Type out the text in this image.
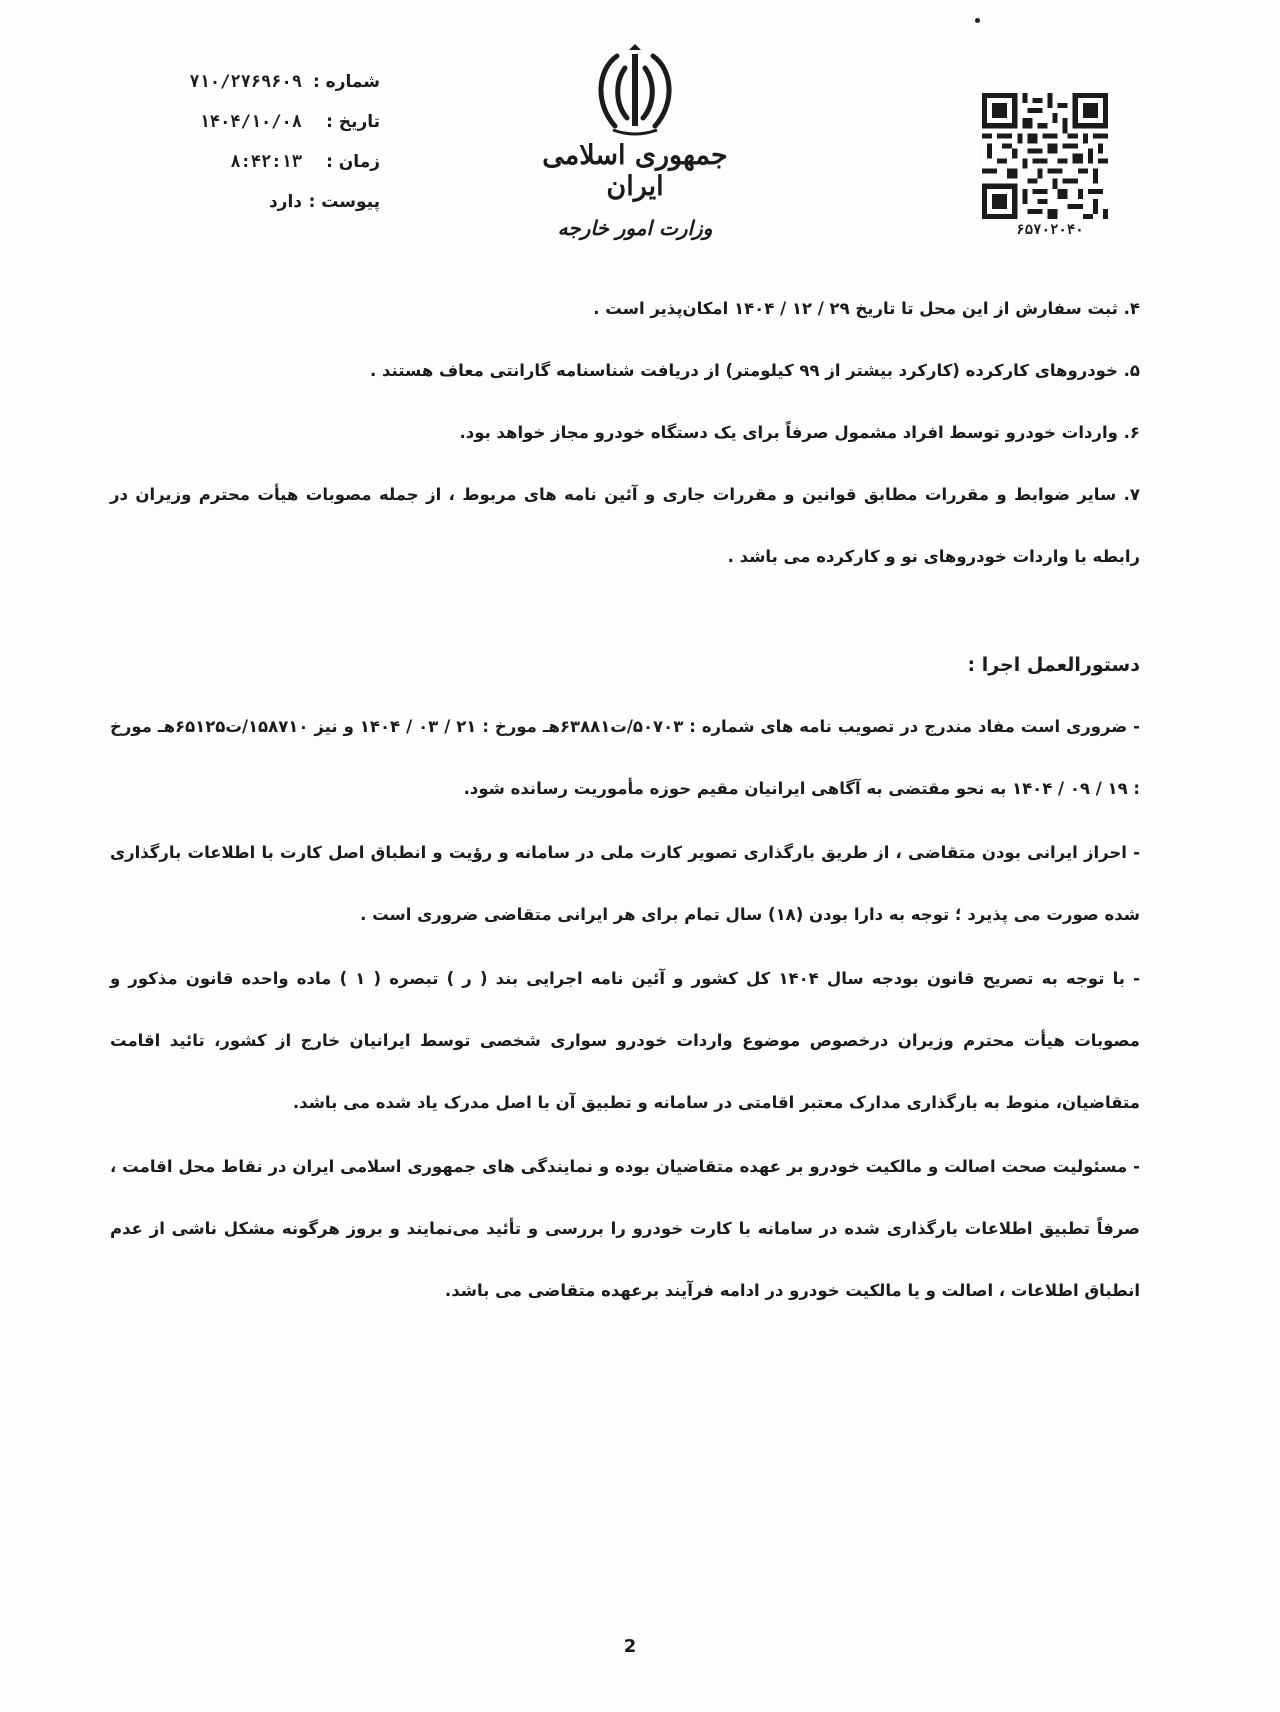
شماره :
۷۱۰/۲۷۶۹۶۰۹
تاریخ :
۱۴۰۴/۱۰/۰۸
زمان :
۸:۴۲:۱۳
پیوست :
دارد
جمهوری اسلامی ایران
وزارت امور خارجه	۶۵۷۰۲۰۴۰

۴. ثبت سفارش از این محل تا تاریخ ۲۹ / ۱۲ / ۱۴۰۴ امکان‌پذیر است .

۵. خودروهای کارکرده (کارکرد بیشتر از ۹۹ کیلومتر) از دریافت شناسنامه گارانتی معاف هستند .

۶. واردات خودرو توسط افراد مشمول صرفاً برای یک دستگاه خودرو مجاز خواهد بود.

۷. سایر ضوابط و مقررات مطابق قوانین و مقررات جاری و آئین نامه های مربوط ، از جمله مصوبات هیأت محترم وزیران در رابطه با واردات خودروهای نو و کارکرده می باشد .

دستورالعمل اجرا :

- ضروری است مفاد مندرج در تصویب نامه های شماره : ۵۰۷۰۳/ت۶۳۸۸۱هـ مورخ : ۲۱ / ۰۳ / ۱۴۰۴ و نیز ۱۵۸۷۱۰/ت۶۵۱۲۵هـ مورخ : ۱۹ / ۰۹ / ۱۴۰۴ به نحو مقتضی به آگاهی ایرانیان مقیم حوزه مأموریت رسانده شود.

- احراز ایرانی بودن متقاضی ، از طریق بارگذاری تصویر کارت ملی در سامانه و رؤیت و انطباق اصل کارت با اطلاعات بارگذاری شده صورت می پذیرد ؛ توجه به دارا بودن (۱۸) سال تمام برای هر ایرانی متقاضی ضروری است .

- با توجه به تصریح قانون بودجه سال ۱۴۰۴ کل کشور و آئین نامه اجرایی بند ( ر ) تبصره ( ۱ ) ماده واحده قانون مذکور و مصوبات هیأت محترم وزیران درخصوص موضوع واردات خودرو سواری شخصی توسط ایرانیان خارج از کشور، تائید اقامت متقاضیان، منوط به بارگذاری مدارک معتبر اقامتی در سامانه و تطبیق آن با اصل مدرک یاد شده می باشد.

- مسئولیت صحت اصالت و مالکیت خودرو بر عهده متقاضیان بوده و نمایندگی های جمهوری اسلامی ایران در نقاط محل اقامت ، صرفاً تطبیق اطلاعات بارگذاری شده در سامانه با کارت خودرو را بررسی و تأئید می‌نمایند و بروز هرگونه مشکل ناشی از عدم انطباق اطلاعات ، اصالت و یا مالکیت خودرو در ادامه فرآیند برعهده متقاضی می باشد.

2
